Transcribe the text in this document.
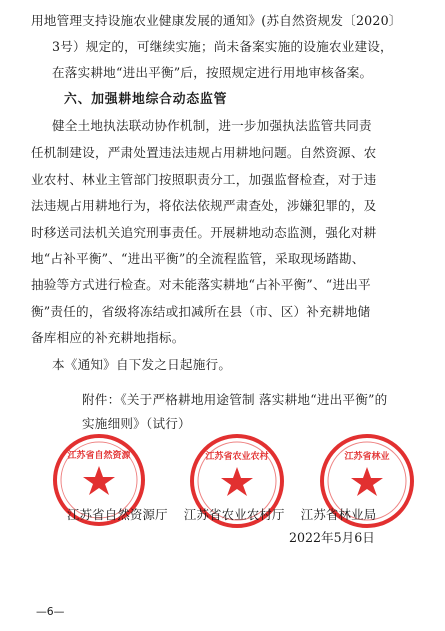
用地管理支持设施农业健康发展的通知》(苏自然资规发〔2020〕
3号）规定的，可继续实施；尚未备案实施的设施农业建设，
在落实耕地“进出平衡”后，按照规定进行用地审核备案。
六、加强耕地综合动态监管
健全土地执法联动协作机制，进一步加强执法监管共同责
任机制建设，严肃处置违法违规占用耕地问题。自然资源、农
业农村、林业主管部门按照职责分工，加强监督检查，对于违
法违规占用耕地行为，将依法依规严肃查处，涉嫌犯罪的，及
时移送司法机关追究刑事责任。开展耕地动态监测，强化对耕
地“占补平衡”、“进出平衡”的全流程监管，采取现场踏勘、
抽验等方式进行检查。对未能落实耕地“占补平衡”、“进出平
衡”责任的，省级将冻结或扣减所在县（市、区）补充耕地储
备库相应的补充耕地指标。
本《通知》自下发之日起施行。
附件：《关于严格耕地用途管制 落实耕地“进出平衡”的
实施细则》（试行）
江苏省自然资源	江苏省农业农村	江苏省林业
江苏省自然资源厅 江苏省农业农村厅 江苏省林业局
2022年5月6日
—6—
